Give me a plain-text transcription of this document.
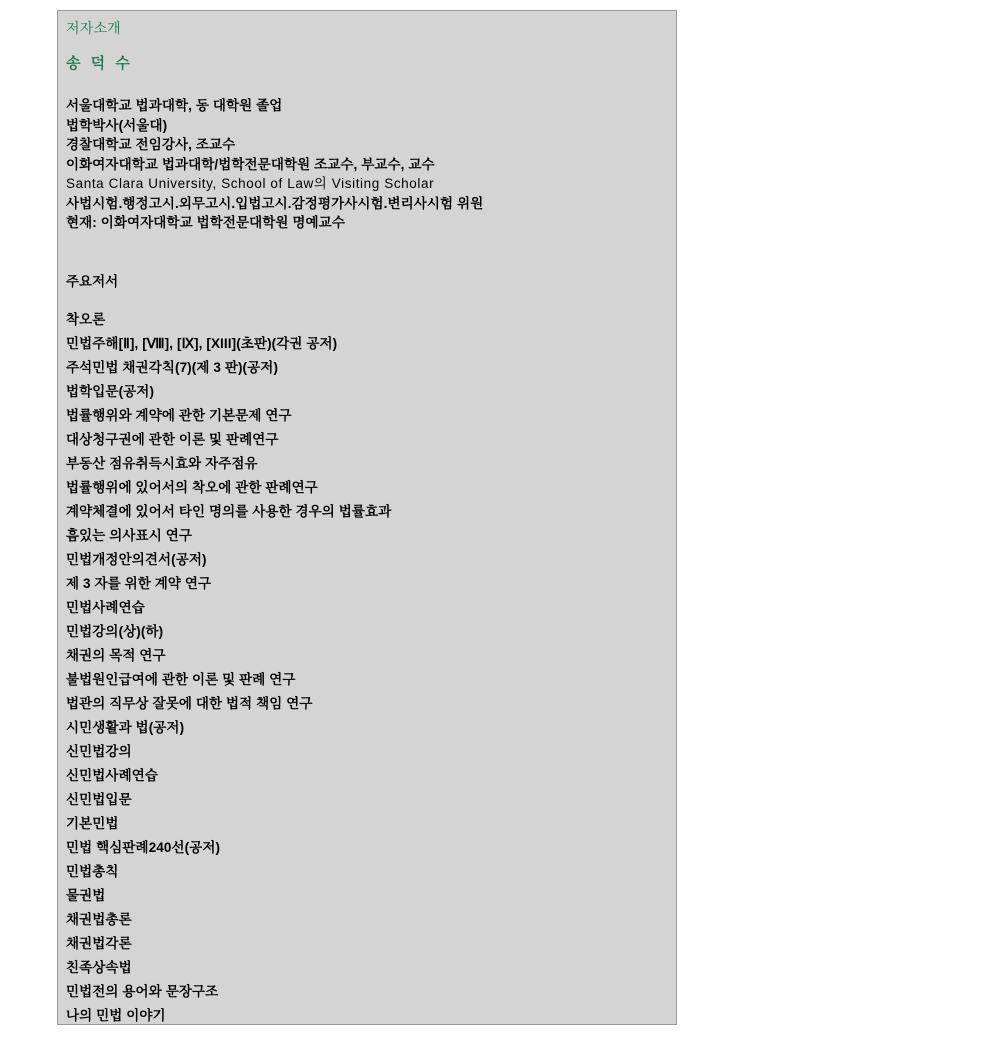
저자소개
송 덕 수
서울대학교 법과대학, 동 대학원 졸업
법학박사(서울대)
경찰대학교 전임강사, 조교수
이화여자대학교 법과대학/법학전문대학원 조교수, 부교수, 교수
Santa Clara University, School of Law의 Visiting Scholar
사법시험.행정고시.외무고시.입법고시.감정평가사시험.변리사시험 위원
현재: 이화여자대학교 법학전문대학원 명예교수
주요저서
착오론
민법주해[Ⅱ], [Ⅷ], [Ⅸ], [XIII](초판)(각권 공저)
주석민법 채권각칙(7)(제 3 판)(공저)
법학입문(공저)
법률행위와 계약에 관한 기본문제 연구
대상청구권에 관한 이론 및 판례연구
부동산 점유취득시효와 자주점유
법률행위에 있어서의 착오에 관한 판례연구
계약체결에 있어서 타인 명의를 사용한 경우의 법률효과
흠있는 의사표시 연구
민법개정안의견서(공저)
제 3 자를 위한 계약 연구
민법사례연습
민법강의(상)(하)
채권의 목적 연구
불법원인급여에 관한 이론 및 판례 연구
법관의 직무상 잘못에 대한 법적 책임 연구
시민생활과 법(공저)
신민법강의
신민법사례연습
신민법입문
기본민법
민법 핵심판례240선(공저)
민법총칙
물권법
채권법총론
채권법각론
친족상속법
민법전의 용어와 문장구조
나의 민법 이야기
